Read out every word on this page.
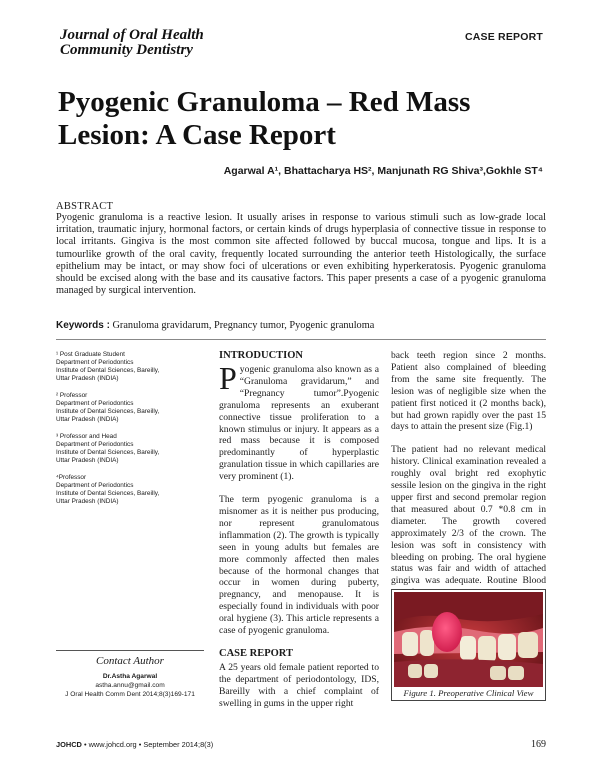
Journal of Oral Health
Community Dentistry
CASE REPORT
Pyogenic Granuloma – Red Mass Lesion: A Case Report
Agarwal A¹, Bhattacharya HS², Manjunath RG Shiva³,Gokhle ST⁴
ABSTRACT
Pyogenic granuloma is a reactive lesion. It usually arises in response to various stimuli such as low-grade local irritation, traumatic injury, hormonal factors, or certain kinds of drugs hyperplasia of connective tissue in response to local irritants. Gingiva is the most common site affected followed by buccal mucosa, tongue and lips. It is a tumourlike growth of the oral cavity, frequently located surrounding the anterior teeth Histologically, the surface epithelium may be intact, or may show foci of ulcerations or even exhibiting hyperkeratosis. Pyogenic granuloma should be excised along with the base and its causative factors. This paper presents a case of a pyogenic granuloma managed by surgical intervention.
Keywords : Granuloma gravidarum, Pregnancy tumor, Pyogenic granuloma
¹ Post Graduate Student
Department of Periodontics
Institute of Dental Sciences, Bareilly,
Uttar Pradesh (INDIA)
² Professor
Department of Periodontics
Institute of Dental Sciences, Bareilly,
Uttar Pradesh (INDIA)
³ Professor and Head
Department of Periodontics
Institute of Dental Sciences, Bareilly,
Uttar Pradesh (INDIA)
⁴Professor
Department of Periodontics
Institute of Dental Sciences, Bareilly,
Uttar Pradesh (INDIA)
Contact Author
Dr.Astha Agarwal
astha.annu@gmail.com
J Oral Health Comm Dent 2014;8(3)169-171
INTRODUCTION

Pyogenic granuloma also known as a “Granuloma gravidarum,” and “Pregnancy tumor”.Pyogenic granuloma represents an exuberant connective tissue proliferation to a known stimulus or injury. It appears as a red mass because it is composed predominantly of hyperplastic granulation tissue in which capillaries are very prominent (1).

The term pyogenic granuloma is a misnomer as it is neither pus producing, nor represent granulomatous inflammation (2). The growth is typically seen in young adults but females are more commonly affected then males because of the hormonal changes that occur in women during puberty, pregnancy, and menopause. It is especially found in individuals with poor oral hygiene (3). This article represents a case of pyogenic granuloma.

CASE REPORT

A 25 years old female patient reported to the department of periodontology, IDS, Bareilly with a chief complaint of swelling in gums in the upper right

back teeth region since 2 months. Patient also complained of bleeding from the same site frequently. The lesion was of negligible size when the patient first noticed it (2 months back), but had grown rapidly over the past 15 days to attain the present size (Fig.1)

The patient had no relevant medical history. Clinical examination revealed a roughly oval bright red exophytic sessile lesion on the gingiva in the right upper first and second premolar region that measured about 0.7 *0.8 cm in diameter. The growth covered approximately 2/3 of the crown. The lesion was soft in consistency with bleeding on probing. The oral hygiene status was fair and width of attached gingiva was adequate. Routine Blood

Figure 1. Preoperative Clinical View
JOHCD • www.johcd.org • September 2014;8(3)	169
